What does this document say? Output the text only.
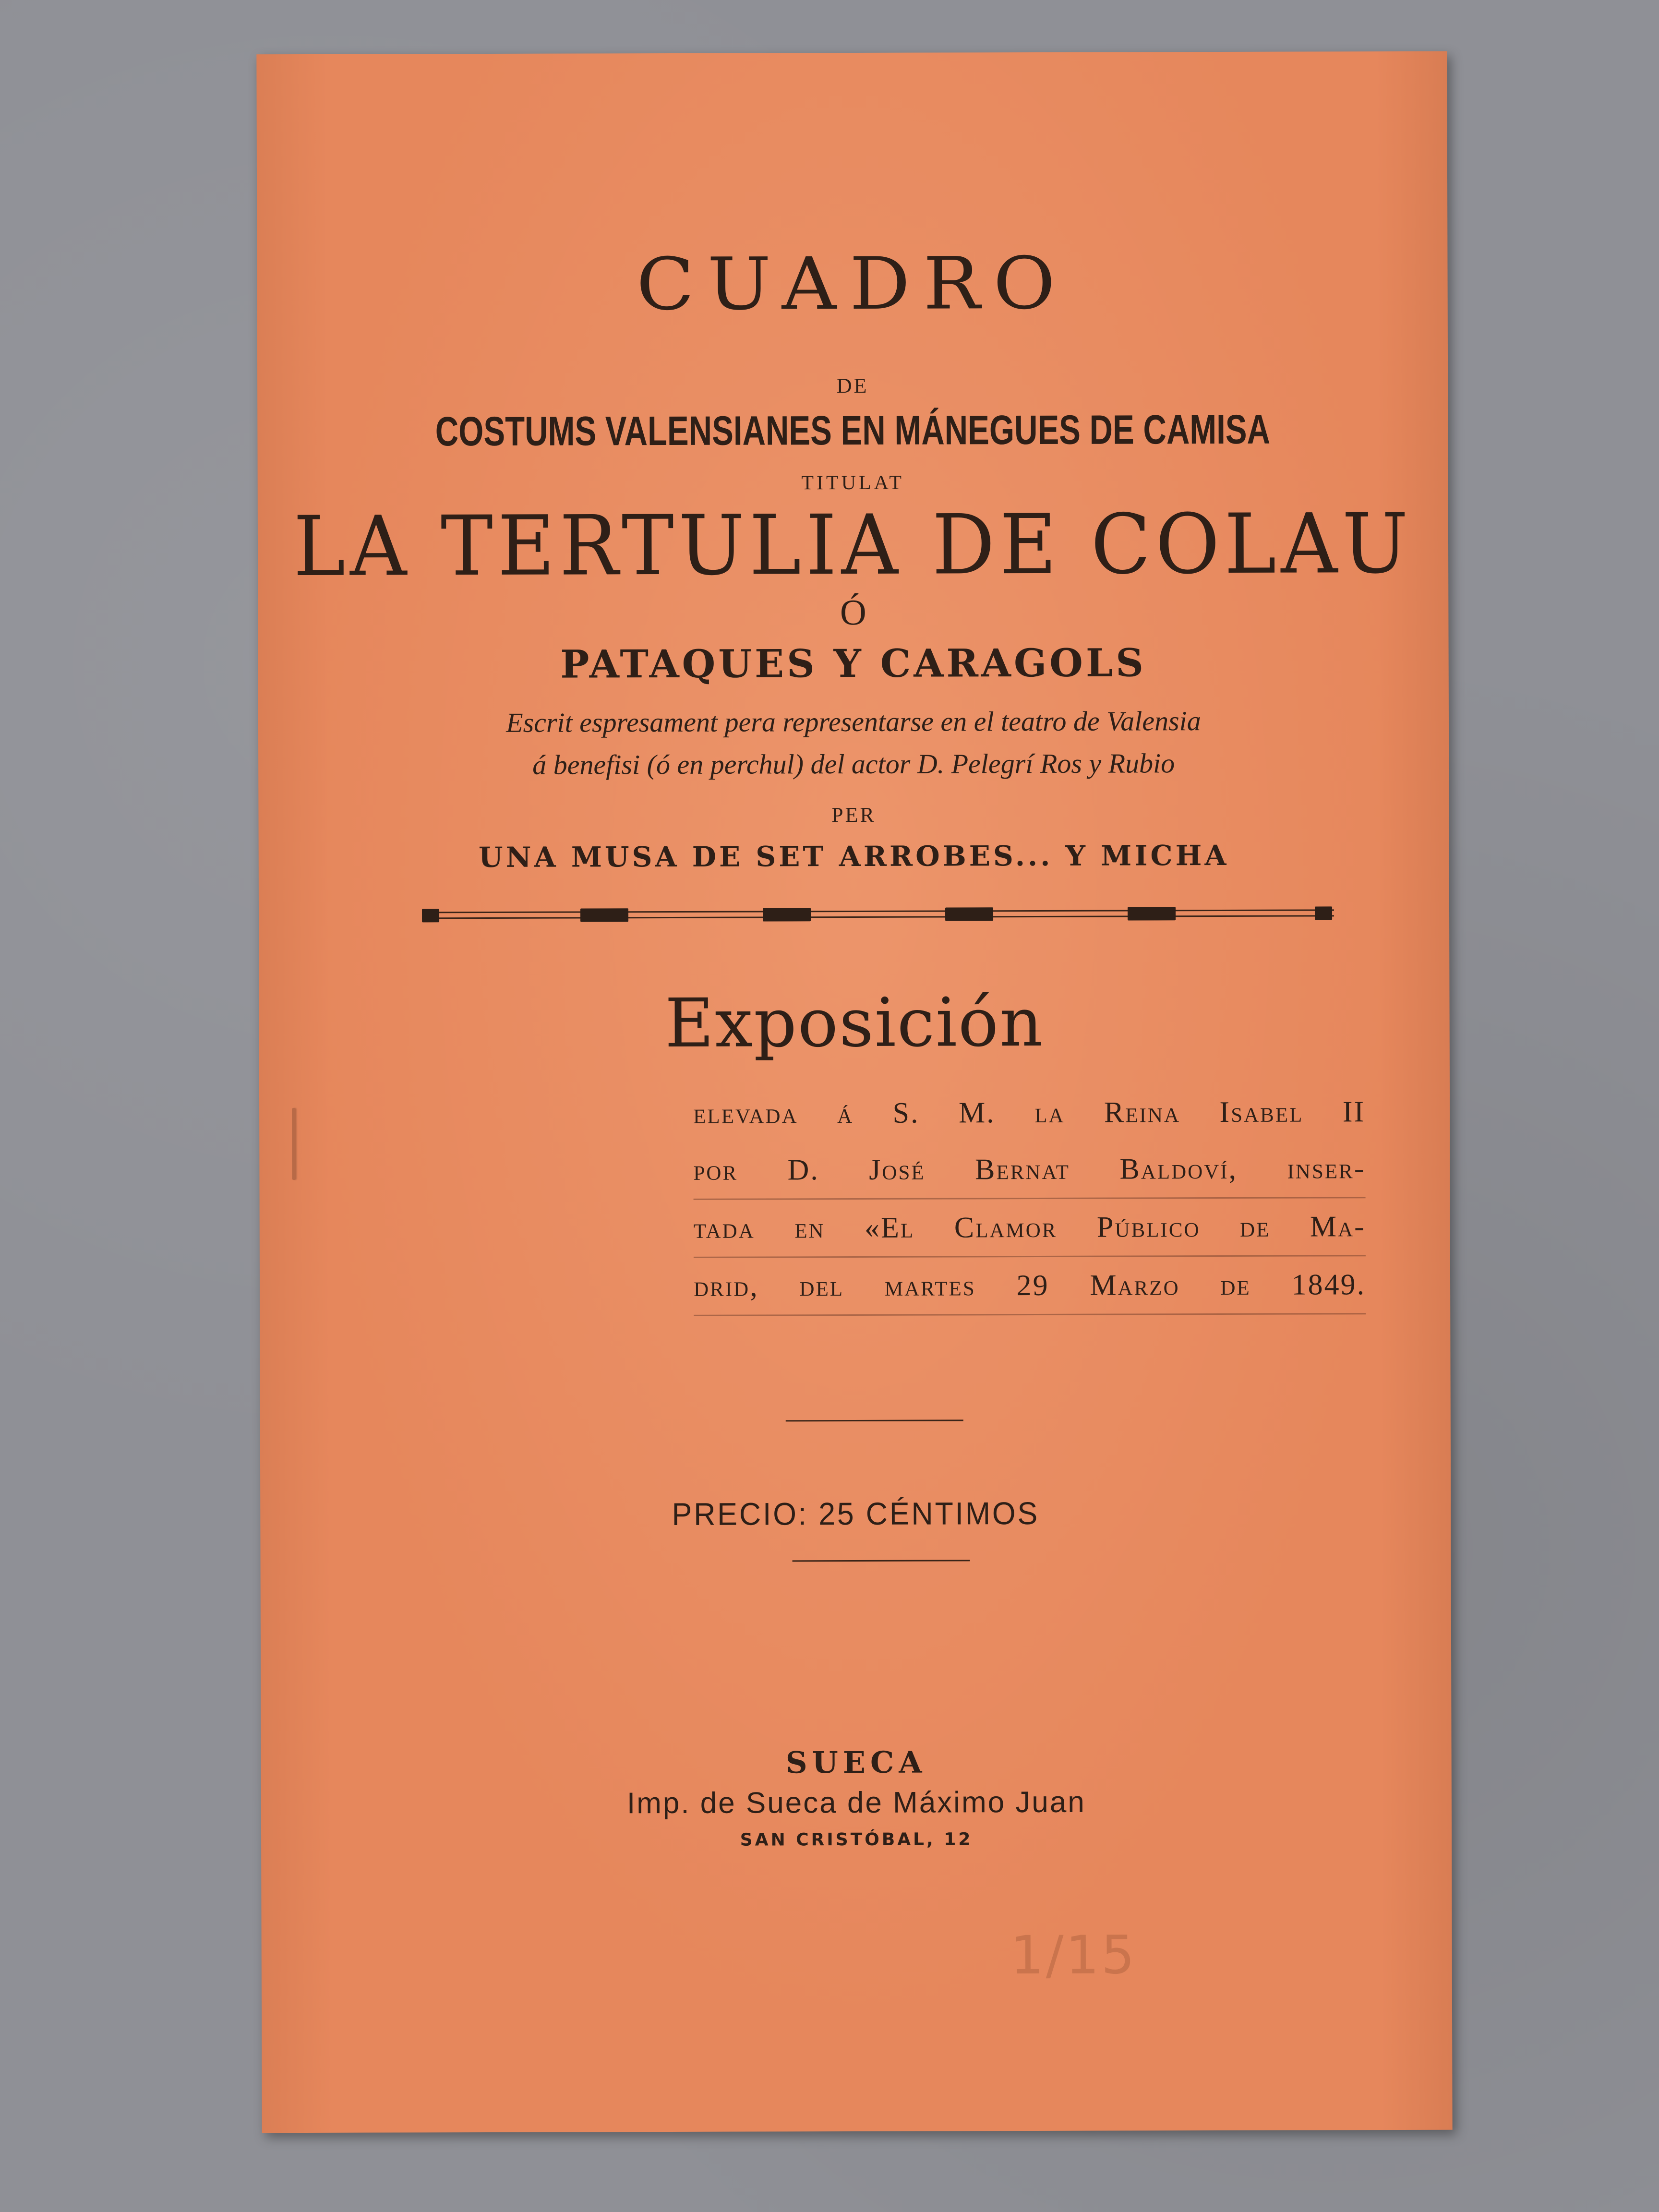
CUADRO
DE
COSTUMS VALENSIANES EN MÁNEGUES DE CAMISA
TITULAT
LA TERTULIA DE COLAU
Ó
PATAQUES Y CARAGOLS
Escrit espresament pera representarse en el teatro de Valensia
á benefisi (ó en perchul) del actor D. Pelegrí Ros y Rubio
PER
UNA MUSA DE SET ARROBES... Y MICHA
Exposición
elevada á S. M. la Reina Isabel II
por D. José Bernat Baldoví, inser-
tada en «El Clamor Público de Ma-
drid, del martes 29 Marzo de 1849.
PRECIO: 25 CÉNTIMOS
SUECA
Imp. de Sueca de Máximo Juan
SAN CRISTÓBAL, 12
1/15
